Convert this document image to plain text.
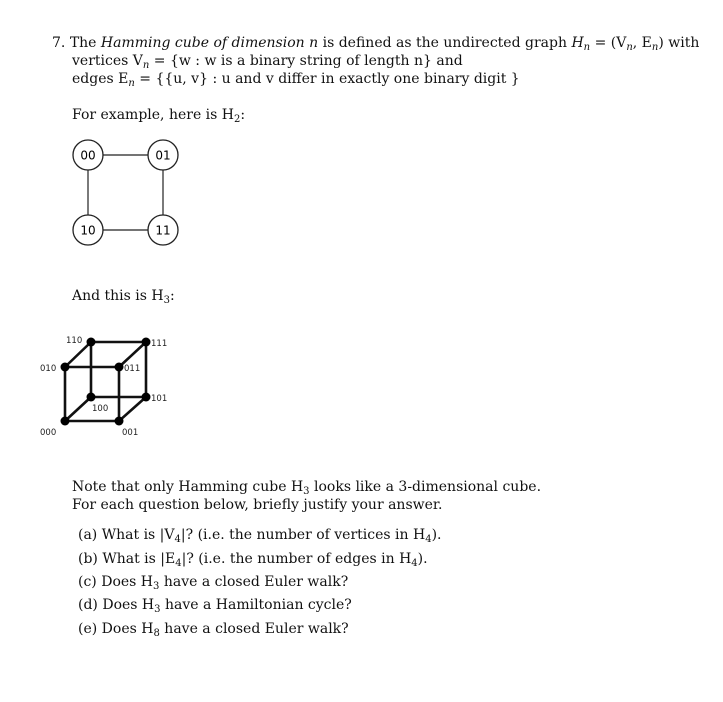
7. The Hamming cube of dimension n is defined as the undirected graph $H_n = (V_n$, $E_n$) with
vertices $V_n = \{w$ : w is a binary string of length n} and
edges $E_n = \{\{u$, v} : u and v differ in exactly one binary digit }
For example, here is $H_2$:
00	01
10	11
And this is $H_3$:
110	111
010	011
101
100
000	001
Note that only Hamming cube $H_3$ looks like a 3-dimensional cube.
For each question below, briefly justify your answer.
(a) What is $|V_4|$? (i.e. the number of vertices in $H_4$).
(b) What is $|E_4|$? (i.e. the number of edges in $H_4$).
(c) Does $H_3$ have a closed Euler walk?
(d) Does $H_3$ have a Hamiltonian cycle?
(e) Does $H_8$ have a closed Euler walk?
